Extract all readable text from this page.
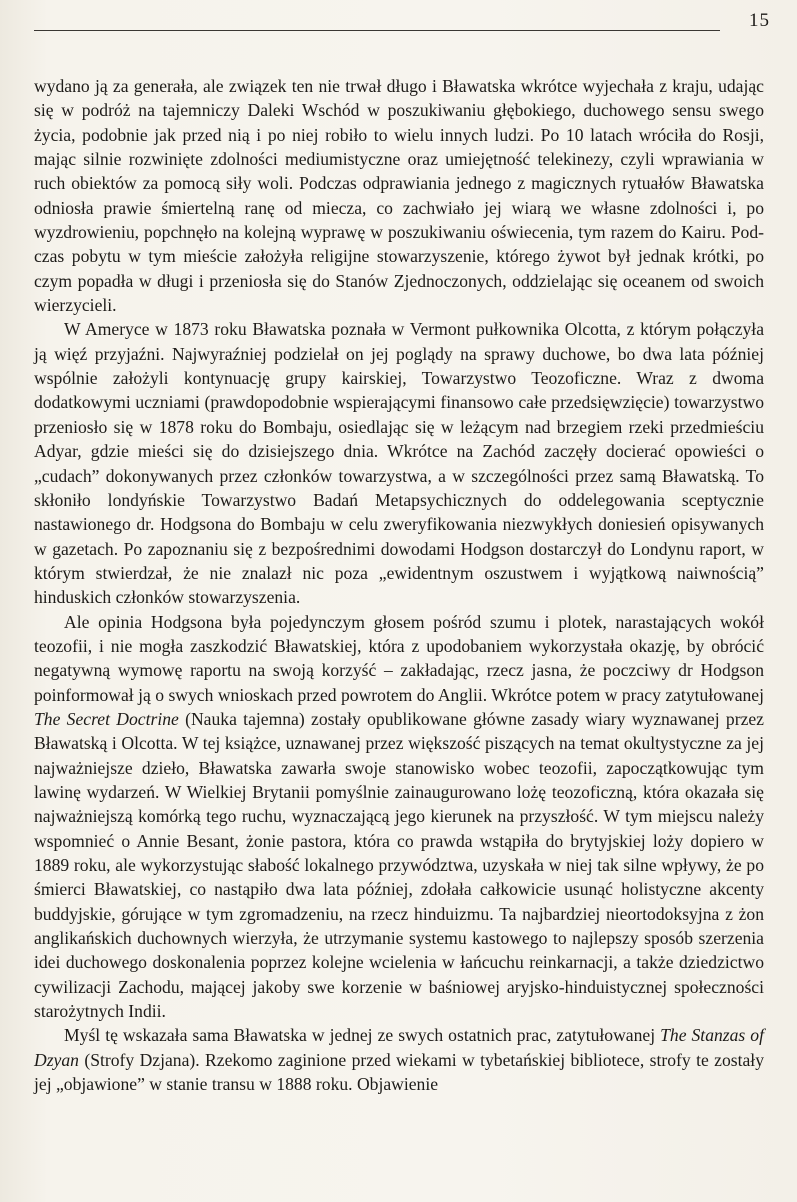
15

wydano ją za generała, ale związek ten nie trwał długo i Bławatska wkrótce wyjechała z kraju, udając się w podróż na tajemniczy Daleki Wschód w poszukiwaniu głębokiego, duchowego sensu swego życia, podobnie jak przed nią i po niej robiło to wielu innych ludzi. Po 10 latach wróciła do Rosji, mając silnie rozwinięte zdolności mediumistyczne oraz umiejętność telekinezy, czyli wprawiania w ruch obiektów za pomocą siły woli. Podczas odprawiania jednego z magicznych rytuałów Bławatska odniosła prawie śmiertelną ranę od miecza, co zachwiało jej wiarą we własne zdolności i, po wyzdrowieniu, popchnęło na kolejną wyprawę w poszukiwaniu oświecenia, tym razem do Kairu. Podczas pobytu w tym mieście założyła religijne stowarzyszenie, którego żywot był jednak krótki, po czym popadła w długi i przeniosła się do Stanów Zjednoczonych, oddzielając się oceanem od swoich wierzycieli.

W Ameryce w 1873 roku Bławatska poznała w Vermont pułkownika Olcotta, z którym połączyła ją więź przyjaźni. Najwyraźniej podzielał on jej poglądy na sprawy duchowe, bo dwa lata później wspólnie założyli kontynuację grupy kairskiej, Towarzystwo Teozoficzne. Wraz z dwoma dodatkowymi uczniami (prawdopodobnie wspierającymi finansowo całe przedsięwzięcie) towarzystwo przeniosło się w 1878 roku do Bombaju, osiedlając się w leżącym nad brzegiem rzeki przedmieściu Adyar, gdzie mieści się do dzisiejszego dnia. Wkrótce na Zachód zaczęły docierać opowieści o „cudach” dokonywanych przez członków towarzystwa, a w szczególności przez samą Bławatską. To skłoniło londyńskie Towarzystwo Badań Metapsychicznych do oddelegowania sceptycznie nastawionego dr. Hodgsona do Bombaju w celu zweryfikowania niezwykłych doniesień opisywanych w gazetach. Po zapoznaniu się z bezpośrednimi dowodami Hodgson dostarczył do Londynu raport, w którym stwierdzał, że nie znalazł nic poza „ewidentnym oszustwem i wyjątkową naiwnością” hinduskich członków stowarzyszenia.

Ale opinia Hodgsona była pojedynczym głosem pośród szumu i plotek, narastających wokół teozofii, i nie mogła zaszkodzić Bławatskiej, która z upodobaniem wykorzystała okazję, by obrócić negatywną wymowę raportu na swoją korzyść – zakładając, rzecz jasna, że poczciwy dr Hodgson poinformował ją o swych wnioskach przed powrotem do Anglii. Wkrótce potem w pracy zatytułowanej The Secret Doctrine (Nauka tajemna) zostały opublikowane główne zasady wiary wyznawanej przez Bławatską i Olcotta. W tej książce, uznawanej przez większość piszących na temat okultystyczne za jej najważniejsze dzieło, Bławatska zawarła swoje stanowisko wobec teozofii, zapoczątkowując tym lawinę wydarzeń. W Wielkiej Brytanii pomyślnie zainaugurowano lożę teozoficzną, która okazała się najważniejszą komórką tego ruchu, wyznaczającą jego kierunek na przyszłość. W tym miejscu należy wspomnieć o Annie Besant, żonie pastora, która co prawda wstąpiła do brytyjskiej loży dopiero w 1889 roku, ale wykorzystując słabość lokalnego przywództwa, uzyskała w niej tak silne wpływy, że po śmierci Bławatskiej, co nastąpiło dwa lata później, zdołała całkowicie usunąć holistyczne akcenty buddyjskie, górujące w tym zgromadzeniu, na rzecz hinduizmu. Ta najbardziej nieortodoksyjna z żon anglikańskich duchownych wierzyła, że utrzymanie systemu kastowego to najlepszy sposób szerzenia idei duchowego doskonalenia poprzez kolejne wcielenia w łańcuchu reinkarnacji, a także dziedzictwo cywilizacji Zachodu, mającej jakoby swe korzenie w baśniowej aryjsko-hinduistycznej społeczności starożytnych Indii.

Myśl tę wskazała sama Bławatska w jednej ze swych ostatnich prac, zatytułowanej The Stanzas of Dzyan (Strofy Dzjana). Rzekomo zaginione przed wiekami w tybetańskiej bibliotece, strofy te zostały jej „objawione” w stanie transu w 1888 roku. Objawienie
